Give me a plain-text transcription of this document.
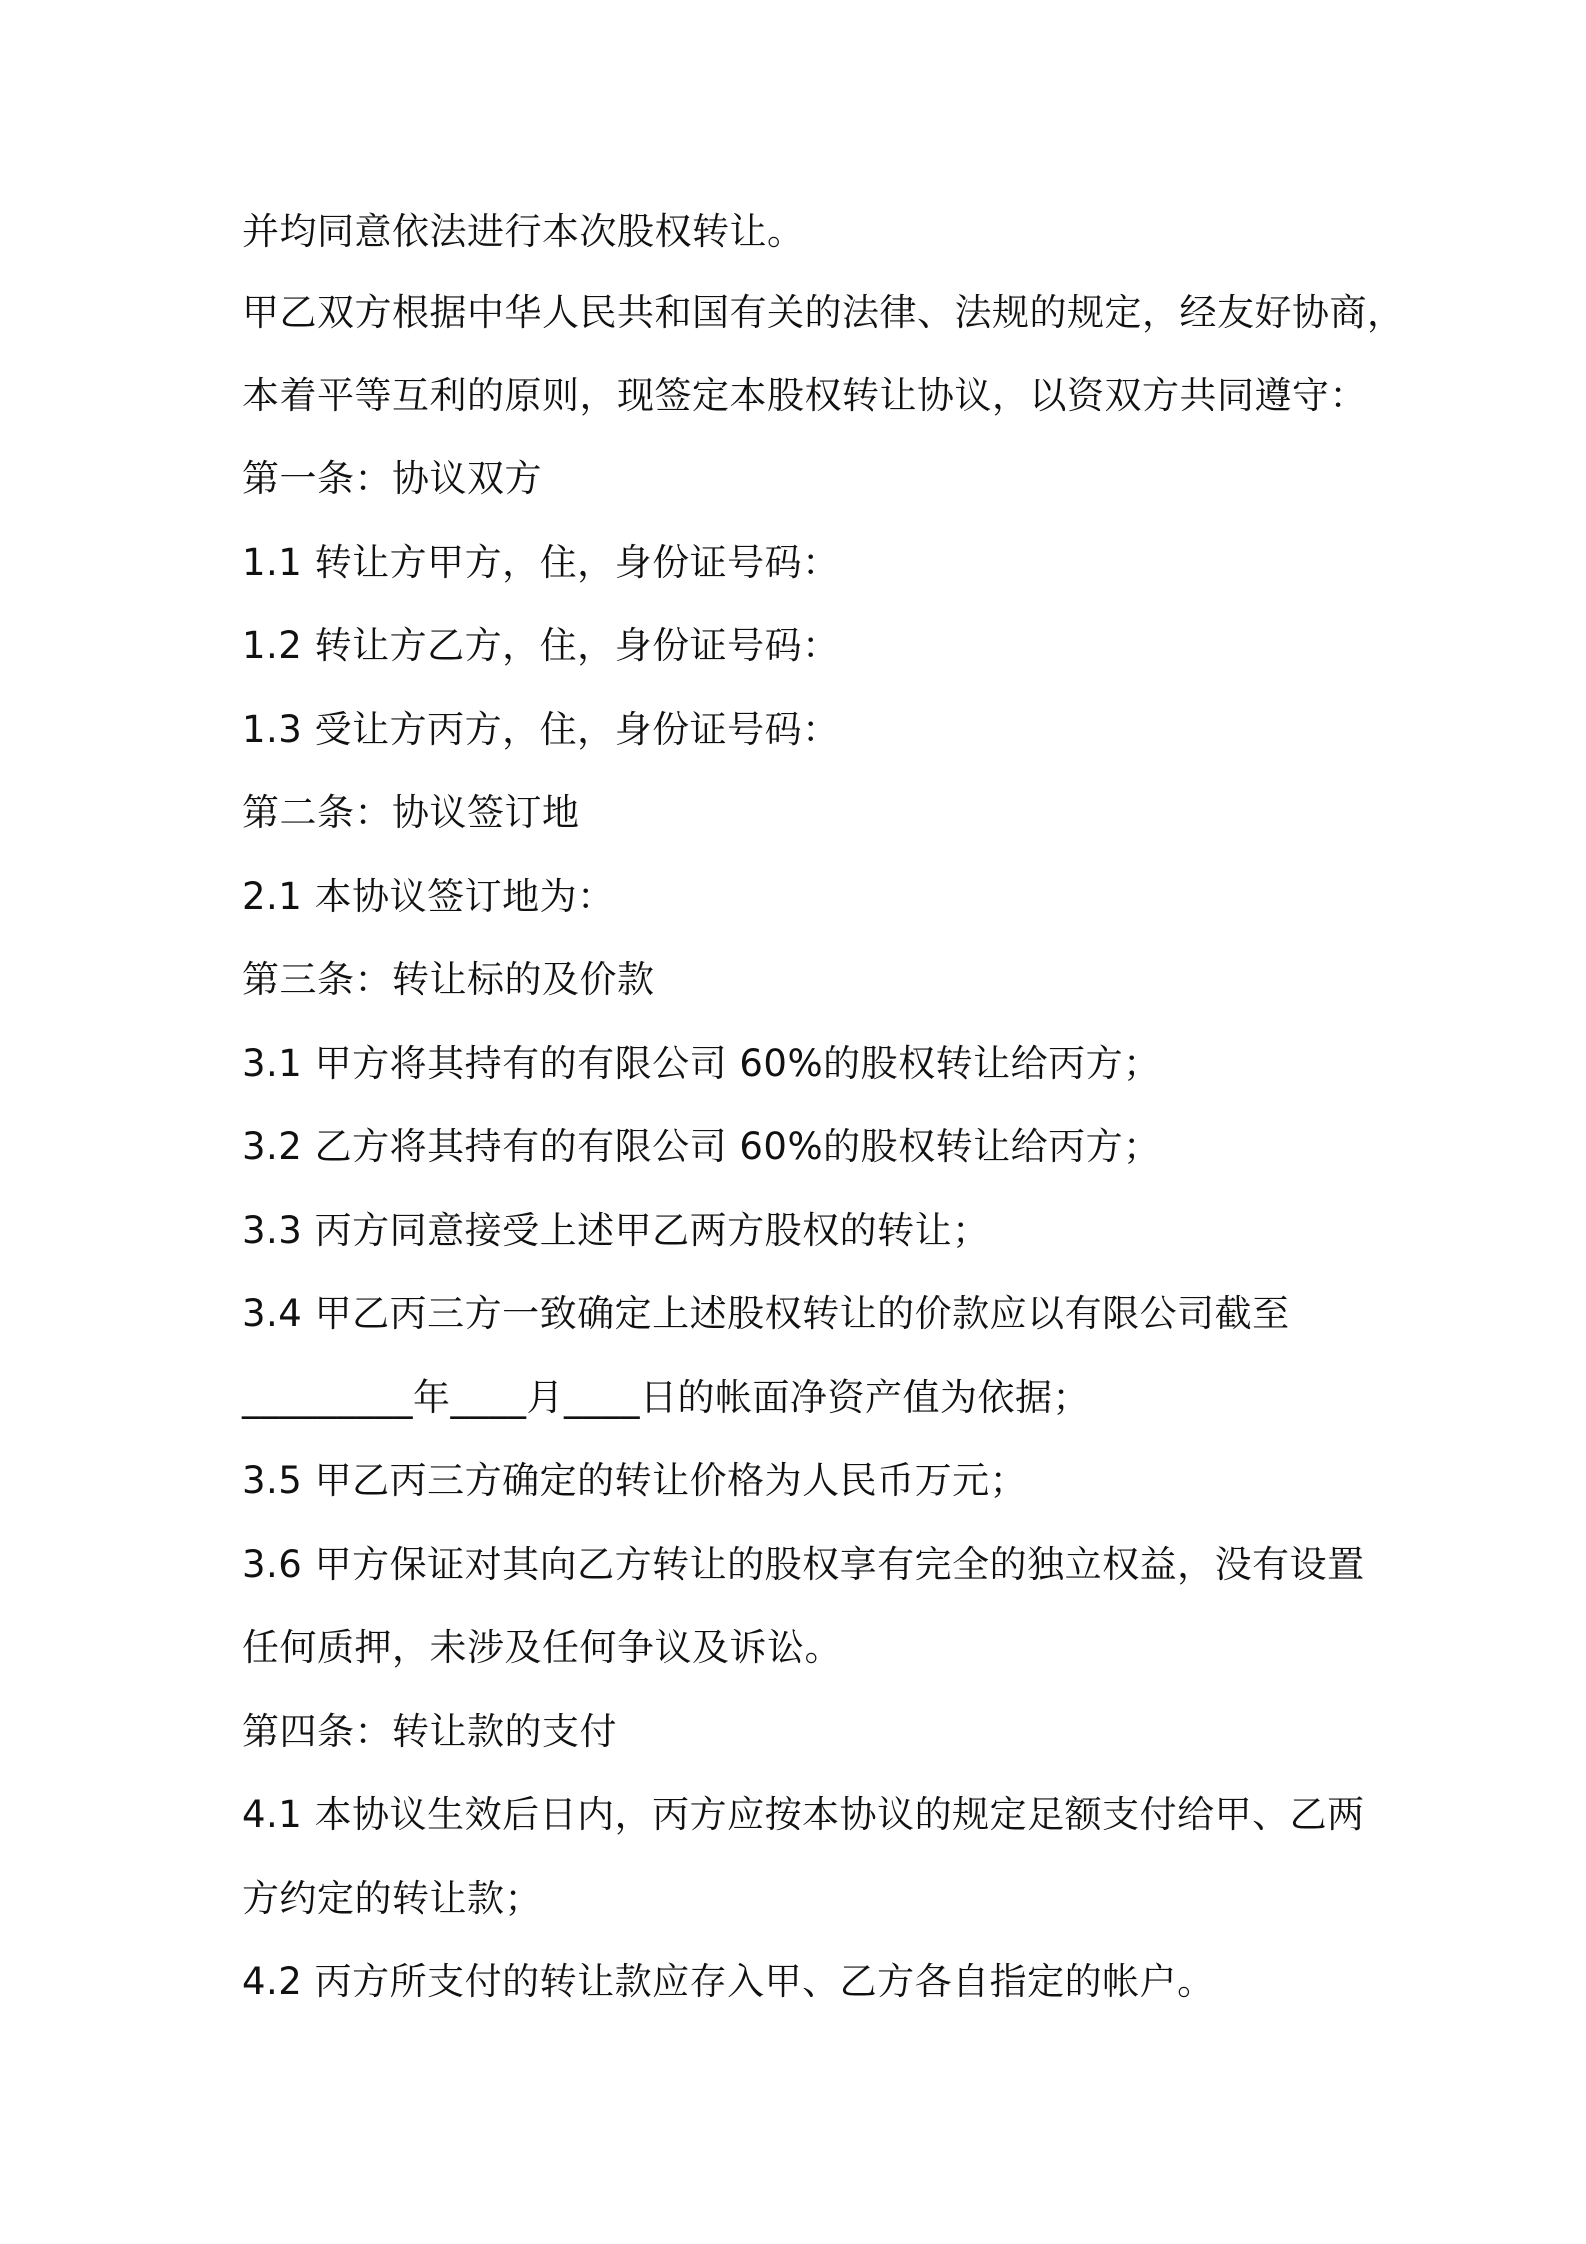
并均同意依法进行本次股权转让。
甲乙双方根据中华人民共和国有关的法律、法规的规定，经友好协商，
本着平等互利的原则，现签定本股权转让协议，以资双方共同遵守：
第一条：协议双方
1.1 转让方甲方，住，身份证号码：
1.2 转让方乙方，住，身份证号码：
1.3 受让方丙方，住，身份证号码：
第二条：协议签订地
2.1 本协议签订地为：
第三条：转让标的及价款
3.1 甲方将其持有的有限公司 60%的股权转让给丙方；
3.2 乙方将其持有的有限公司 60%的股权转让给丙方；
3.3 丙方同意接受上述甲乙两方股权的转让；
3.4 甲乙丙三方一致确定上述股权转让的价款应以有限公司截至
_________年____月____日的帐面净资产值为依据；
3.5 甲乙丙三方确定的转让价格为人民币万元；
3.6 甲方保证对其向乙方转让的股权享有完全的独立权益，没有设置
任何质押，未涉及任何争议及诉讼。
第四条：转让款的支付
4.1 本协议生效后日内，丙方应按本协议的规定足额支付给甲、乙两
方约定的转让款；
4.2 丙方所支付的转让款应存入甲、乙方各自指定的帐户。
